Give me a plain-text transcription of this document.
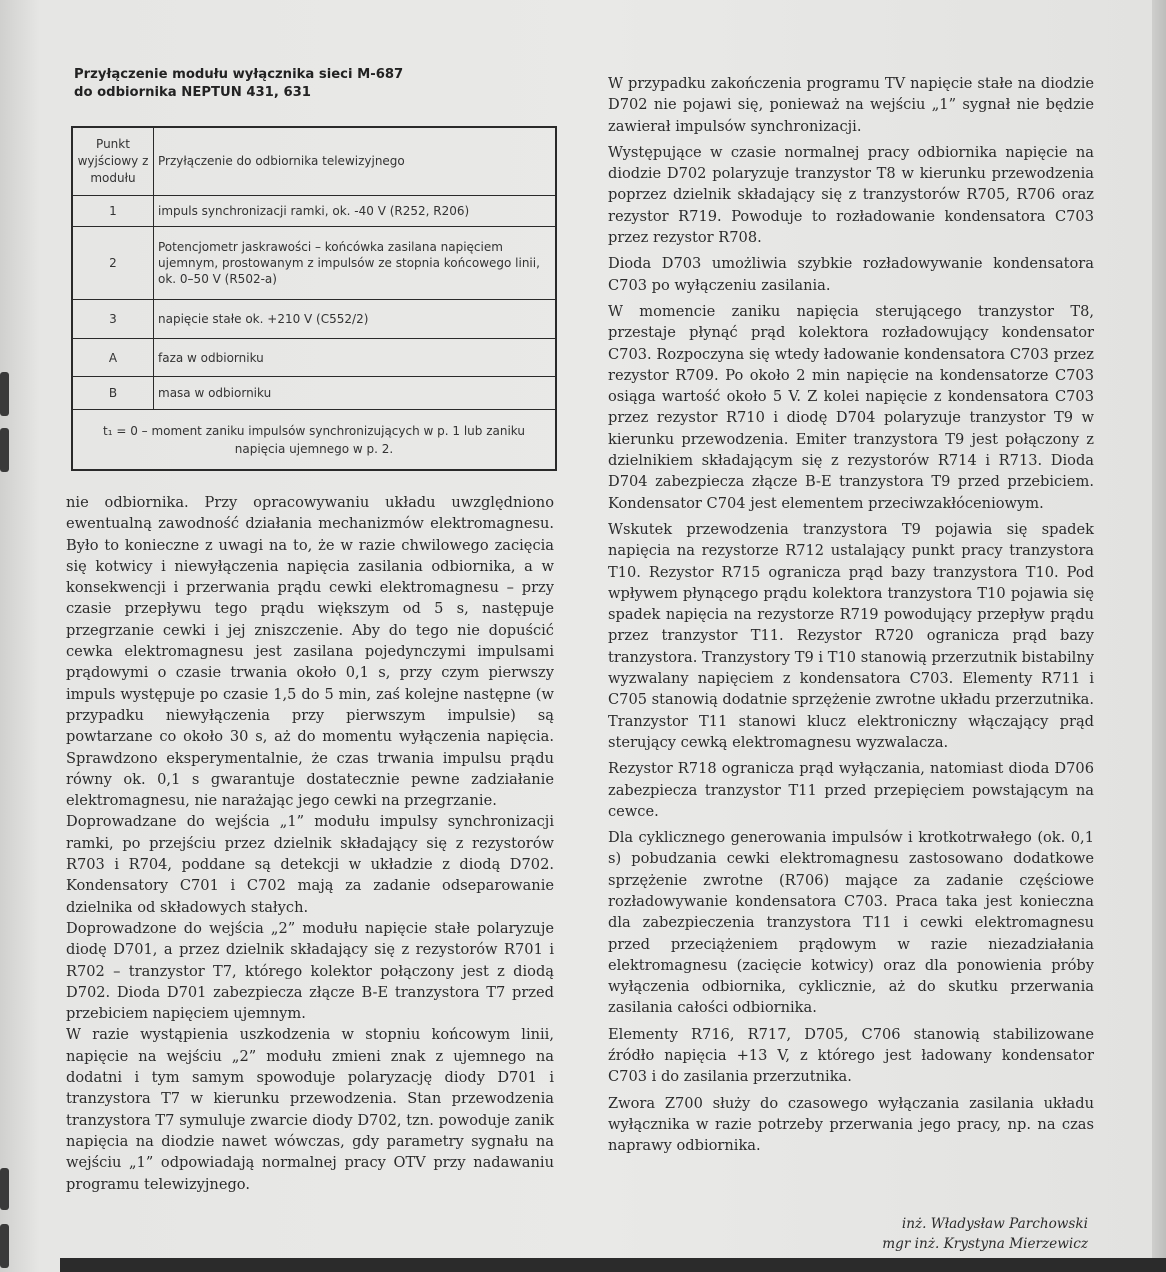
Przyłączenie modułu wyłącznika sieci M-687
do odbiornika NEPTUN 431, 631
Punkt wyjściowy z modułu	Przyłączenie do odbiornika telewizyjnego
1	impuls synchronizacji ramki, ok. -40 V (R252, R206)
2	Potencjometr jaskrawości – końcówka zasilana napięciem ujemnym, prostowanym z impulsów ze stopnia końcowego linii, ok. 0–50 V (R502-a)
3	napięcie stałe ok. +210 V (C552/2)
A	faza w odbiorniku
B	masa w odbiorniku
t₁ = 0 – moment zaniku impulsów synchronizujących w p. 1 lub zaniku napięcia ujemnego w p. 2.	

nie odbiornika. Przy opracowywaniu układu uwzględniono ewentualną zawodność działania mechanizmów elektromagnesu. Było to konieczne z uwagi na to, że w razie chwilowego zacięcia się kotwicy i niewyłączenia napięcia zasilania odbiornika, a w konsekwencji i przerwania prądu cewki elektromagnesu – przy czasie przepływu tego prądu większym od 5 s, następuje przegrzanie cewki i jej zniszczenie. Aby do tego nie dopuścić cewka elektromagnesu jest zasilana pojedynczymi impulsami prądowymi o czasie trwania około 0,1 s, przy czym pierwszy impuls występuje po czasie 1,5 do 5 min, zaś kolejne następne (w przypadku niewyłączenia przy pierwszym impulsie) są powtarzane co około 30 s, aż do momentu wyłączenia napięcia. Sprawdzono eksperymentalnie, że czas trwania impulsu prądu równy ok. 0,1 s gwarantuje dostatecznie pewne zadziałanie elektromagnesu, nie narażając jego cewki na przegrzanie.

Doprowadzane do wejścia „1” modułu impulsy synchronizacji ramki, po przejściu przez dzielnik składający się z rezystorów R703 i R704, poddane są detekcji w układzie z diodą D702. Kondensatory C701 i C702 mają za zadanie odseparowanie dzielnika od składowych stałych.

Doprowadzone do wejścia „2” modułu napięcie stałe polaryzuje diodę D701, a przez dzielnik składający się z rezystorów R701 i R702 – tranzystor T7, którego kolektor połączony jest z diodą D702. Dioda D701 zabezpiecza złącze B-E tranzystora T7 przed przebiciem napięciem ujemnym.

W razie wystąpienia uszkodzenia w stopniu końcowym linii, napięcie na wejściu „2” modułu zmieni znak z ujemnego na dodatni i tym samym spowoduje polaryzację diody D701 i tranzystora T7 w kierunku przewodzenia. Stan przewodzenia tranzystora T7 symuluje zwarcie diody D702, tzn. powoduje zanik napięcia na diodzie nawet wówczas, gdy parametry sygnału na wejściu „1” odpowiadają normalnej pracy OTV przy nadawaniu programu telewizyjnego.

W przypadku zakończenia programu TV napięcie stałe na diodzie D702 nie pojawi się, ponieważ na wejściu „1” sygnał nie będzie zawierał impulsów synchronizacji.

Występujące w czasie normalnej pracy odbiornika napięcie na diodzie D702 polaryzuje tranzystor T8 w kierunku przewodzenia poprzez dzielnik składający się z tranzystorów R705, R706 oraz rezystor R719. Powoduje to rozładowanie kondensatora C703 przez rezystor R708.

Dioda D703 umożliwia szybkie rozładowywanie kondensatora C703 po wyłączeniu zasilania.

W momencie zaniku napięcia sterującego tranzystor T8, przestaje płynąć prąd kolektora rozładowujący kondensator C703. Rozpoczyna się wtedy ładowanie kondensatora C703 przez rezystor R709. Po około 2 min napięcie na kondensatorze C703 osiąga wartość około 5 V. Z kolei napięcie z kondensatora C703 przez rezystor R710 i diodę D704 polaryzuje tranzystor T9 w kierunku przewodzenia. Emiter tranzystora T9 jest połączony z dzielnikiem składającym się z rezystorów R714 i R713. Dioda D704 zabezpiecza złącze B-E tranzystora T9 przed przebiciem. Kondensator C704 jest elementem przeciwzakłóceniowym.

Wskutek przewodzenia tranzystora T9 pojawia się spadek napięcia na rezystorze R712 ustalający punkt pracy tranzystora T10. Rezystor R715 ogranicza prąd bazy tranzystora T10. Pod wpływem płynącego prądu kolektora tranzystora T10 pojawia się spadek napięcia na rezystorze R719 powodujący przepływ prądu przez tranzystor T11. Rezystor R720 ogranicza prąd bazy tranzystora. Tranzystory T9 i T10 stanowią przerzutnik bistabilny wyzwalany napięciem z kondensatora C703. Elementy R711 i C705 stanowią dodatnie sprzężenie zwrotne układu przerzutnika. Tranzystor T11 stanowi klucz elektroniczny włączający prąd sterujący cewką elektromagnesu wyzwalacza.

Rezystor R718 ogranicza prąd wyłączania, natomiast dioda D706 zabezpiecza tranzystor T11 przed przepięciem powstającym na cewce.

Dla cyklicznego generowania impulsów i krotkotrwałego (ok. 0,1 s) pobudzania cewki elektromagnesu zastosowano dodatkowe sprzężenie zwrotne (R706) mające za zadanie częściowe rozładowywanie kondensatora C703. Praca taka jest konieczna dla zabezpieczenia tranzystora T11 i cewki elektromagnesu przed przeciążeniem prądowym w razie niezadziałania elektromagnesu (zacięcie kotwicy) oraz dla ponowienia próby wyłączenia odbiornika, cyklicznie, aż do skutku przerwania zasilania całości odbiornika.

Elementy R716, R717, D705, C706 stanowią stabilizowane źródło napięcia +13 V, z którego jest ładowany kondensator C703 i do zasilania przerzutnika.

Zwora Z700 służy do czasowego wyłączania zasilania układu wyłącznika w razie potrzeby przerwania jego pracy, np. na czas naprawy odbiornika.

inż. Władysław Parchowski
mgr inż. Krystyna Mierzewicz
